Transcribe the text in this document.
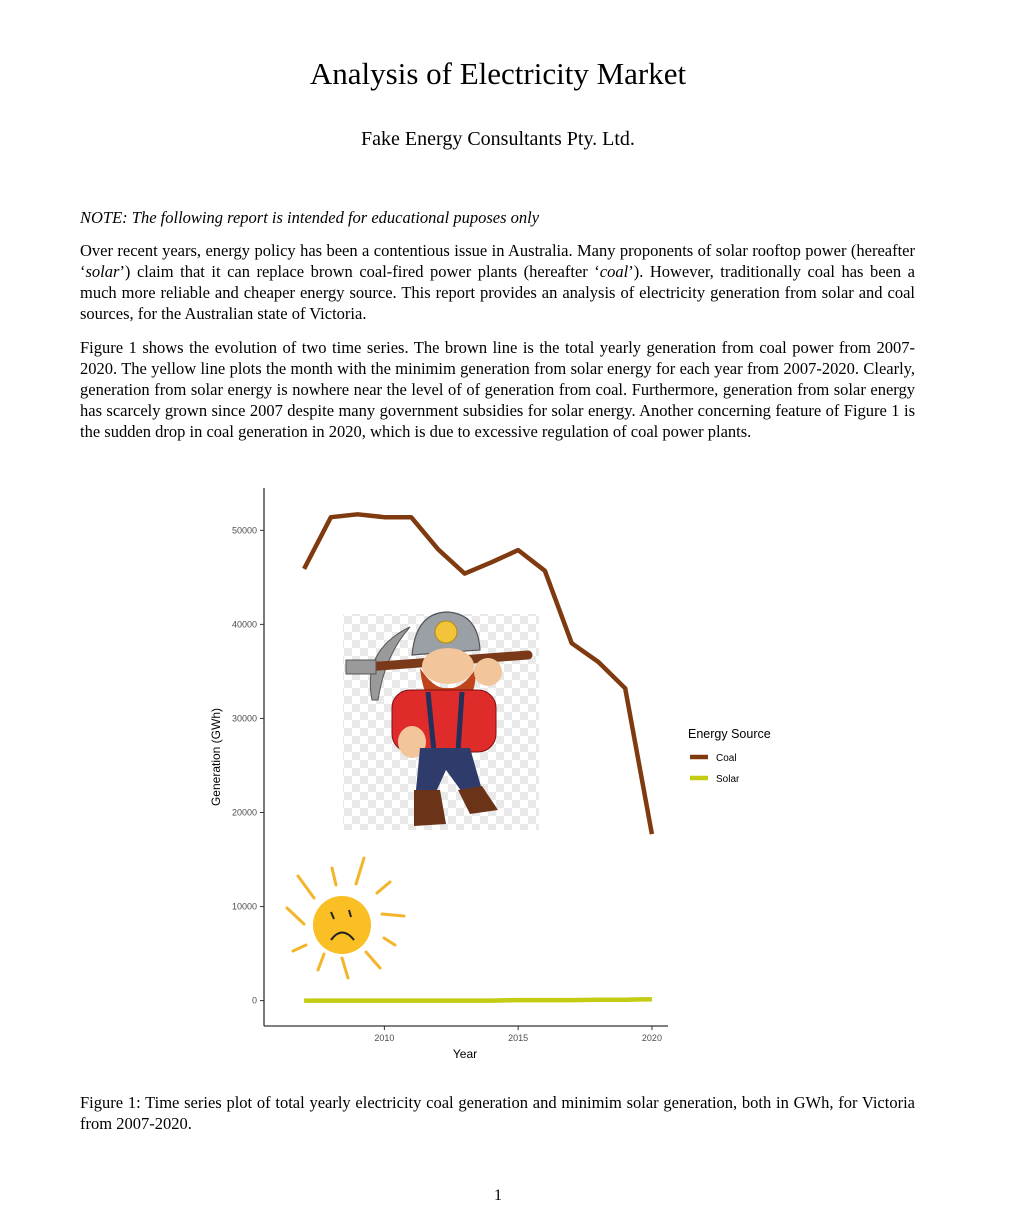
Analysis of Electricity Market
Fake Energy Consultants Pty. Ltd.
NOTE: The following report is intended for educational puposes only
Over recent years, energy policy has been a contentious issue in Australia. Many proponents of solar rooftop power (hereafter ‘solar’) claim that it can replace brown coal-fired power plants (hereafter ‘coal’). However, traditionally coal has been a much more reliable and cheaper energy source. This report provides an analysis of electricity generation from solar and coal sources, for the Australian state of Victoria.
Figure 1 shows the evolution of two time series. The brown line is the total yearly generation from coal power from 2007-2020. The yellow line plots the month with the minimim generation from solar energy for each year from 2007-2020. Clearly, generation from solar energy is nowhere near the level of of generation from coal. Furthermore, generation from solar energy has scarcely grown since 2007 despite many government subsidies for solar energy. Another concerning feature of Figure 1 is the sudden drop in coal generation in 2020, which is due to excessive regulation of coal power plants.
0
10000
20000
30000
40000
50000
2010	2015	2020
Generation (GWh)
Year
Energy Source
Coal
Solar
Figure 1: Time series plot of total yearly electricity coal generation and minimim solar generation, both in GWh, for Victoria from 2007-2020.
1
